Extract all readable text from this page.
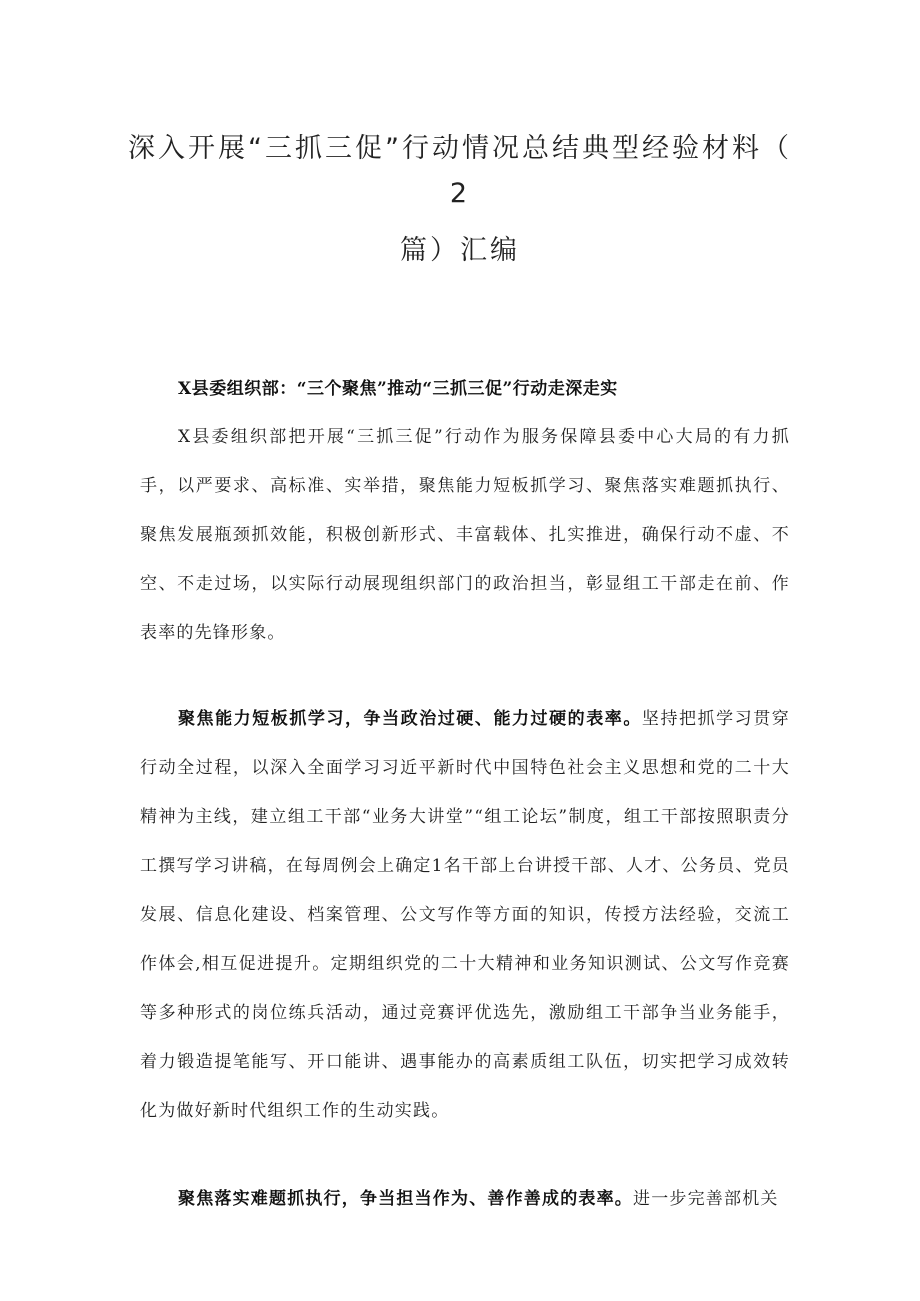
深入开展“三抓三促”行动情况总结典型经验材料（
2
篇）汇编
X县委组织部：“三个聚焦”推动“三抓三促”行动走深走实

X县委组织部把开展“三抓三促”行动作为服务保障县委中心大局的有力抓手，以严要求、高标准、实举措，聚焦能力短板抓学习、聚焦落实难题抓执行、聚焦发展瓶颈抓效能，积极创新形式、丰富载体、扎实推进，确保行动不虚、不空、不走过场，以实际行动展现组织部门的政治担当，彰显组工干部走在前、作表率的先锋形象。

聚焦能力短板抓学习，争当政治过硬、能力过硬的表率。坚持把抓学习贯穿行动全过程，以深入全面学习习近平新时代中国特色社会主义思想和党的二十大精神为主线，建立组工干部“业务大讲堂”“组工论坛”制度，组工干部按照职责分工撰写学习讲稿，在每周例会上确定1名干部上台讲授干部、人才、公务员、党员发展、信息化建设、档案管理、公文写作等方面的知识，传授方法经验，交流工作体会,相互促进提升。定期组织党的二十大精神和业务知识测试、公文写作竞赛等多种形式的岗位练兵活动，通过竞赛评优选先，激励组工干部争当业务能手，着力锻造提笔能写、开口能讲、遇事能办的高素质组工队伍，切实把学习成效转化为做好新时代组织工作的生动实践。

聚焦落实难题抓执行，争当担当作为、善作善成的表率。进一步完善部机关
